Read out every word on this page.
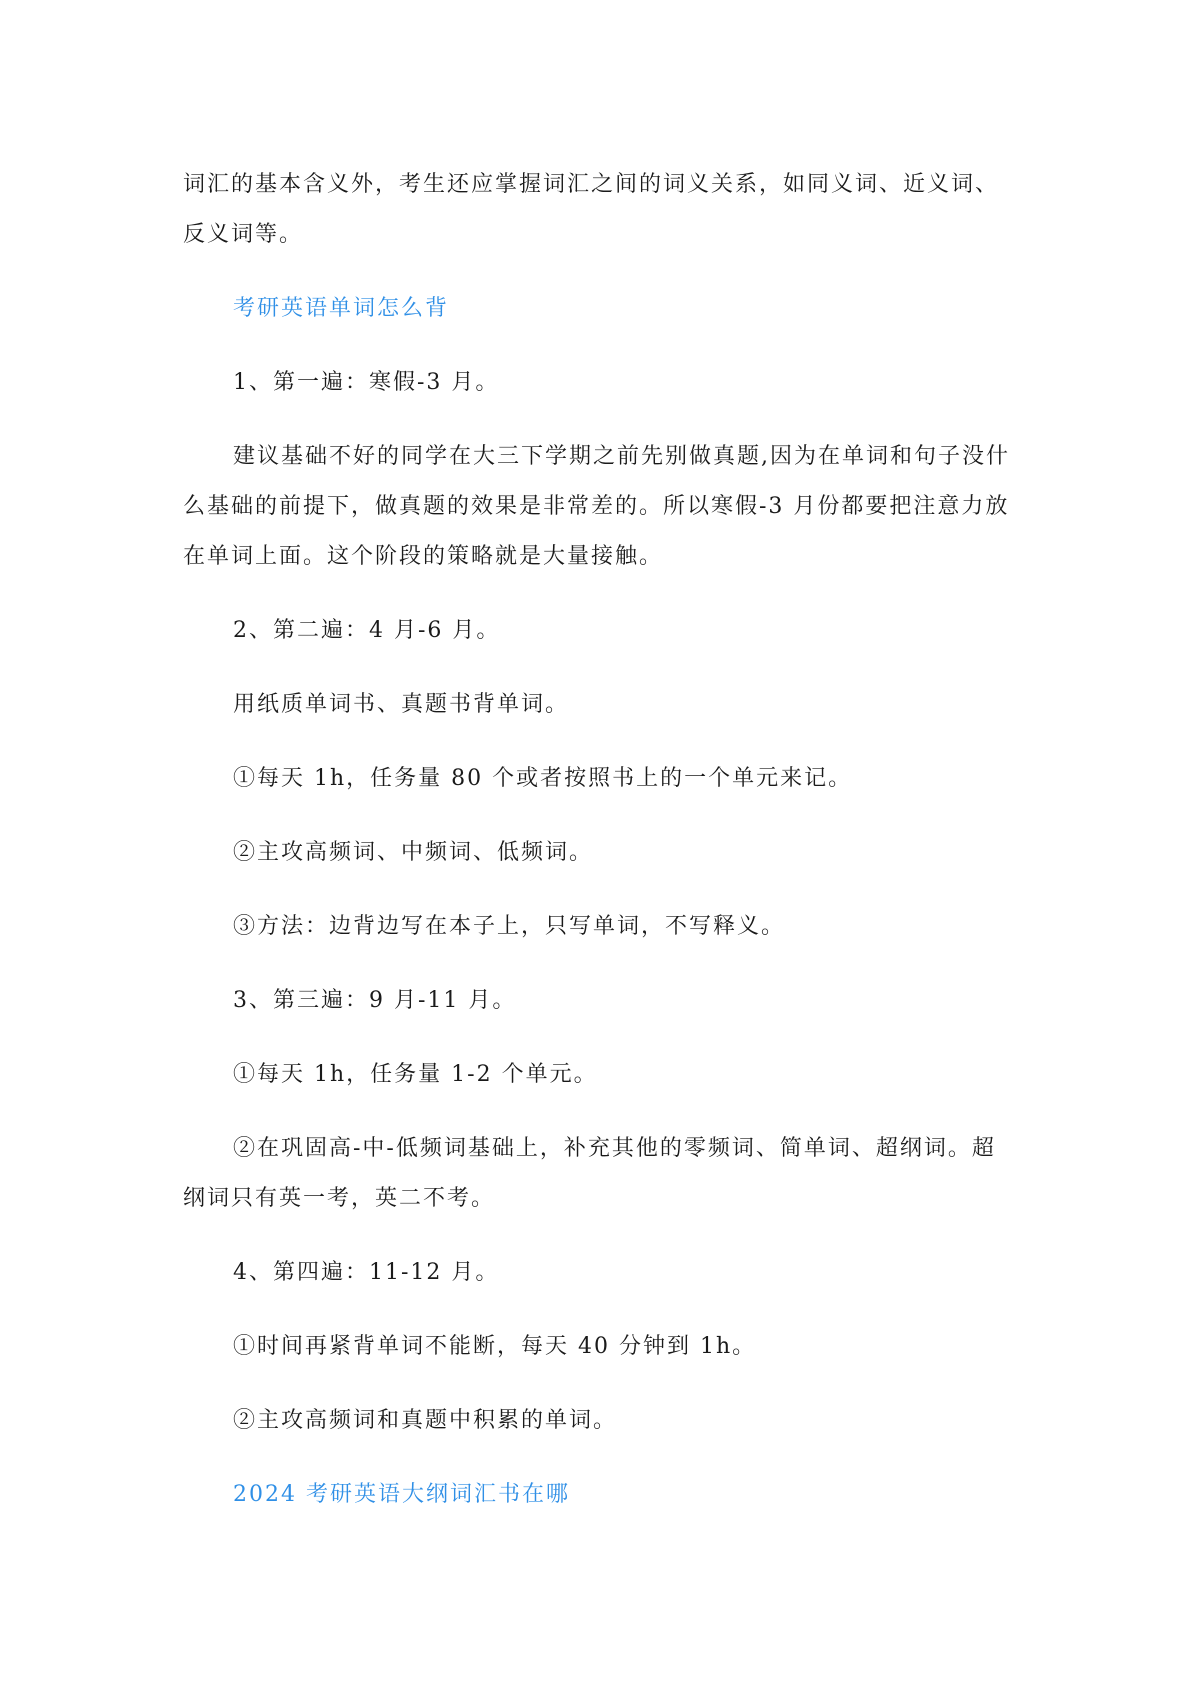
词汇的基本含义外，考生还应掌握词汇之间的词义关系，如同义词、近义词、反义词等。

考研英语单词怎么背

1、第一遍：寒假-3 月。

建议基础不好的同学在大三下学期之前先别做真题,因为在单词和句子没什么基础的前提下，做真题的效果是非常差的。所以寒假-3 月份都要把注意力放在单词上面。这个阶段的策略就是大量接触。

2、第二遍：4 月-6 月。

用纸质单词书、真题书背单词。

①每天 1h，任务量 80 个或者按照书上的一个单元来记。

②主攻高频词、中频词、低频词。

③方法：边背边写在本子上，只写单词，不写释义。

3、第三遍：9 月-11 月。

①每天 1h，任务量 1-2 个单元。

②在巩固高-中-低频词基础上，补充其他的零频词、简单词、超纲词。超纲词只有英一考，英二不考。

4、第四遍：11-12 月。

①时间再紧背单词不能断，每天 40 分钟到 1h。

②主攻高频词和真题中积累的单词。

2024 考研英语大纲词汇书在哪
